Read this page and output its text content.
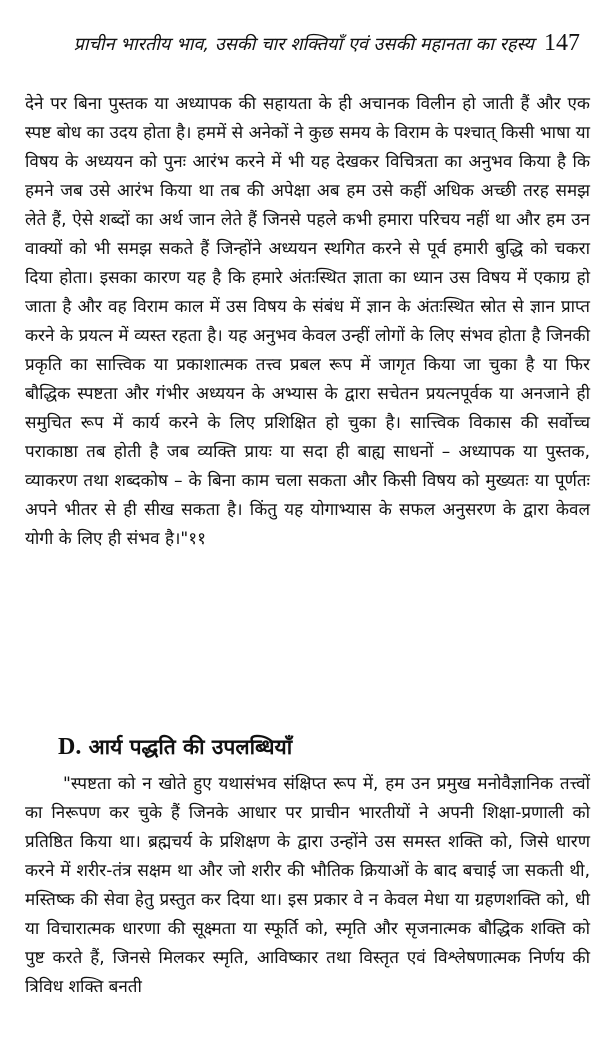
प्राचीन भारतीय भाव, उसकी चार शक्तियाँ एवं उसकी महानता का रहस्य 147

देने पर बिना पुस्तक या अध्यापक की सहायता के ही अचानक विलीन हो जाती हैं और एक स्पष्ट बोध का उदय होता है। हममें से अनेकों ने कुछ समय के विराम के पश्चात् किसी भाषा या विषय के अध्ययन को पुनः आरंभ करने में भी यह देखकर विचित्रता का अनुभव किया है कि हमने जब उसे आरंभ किया था तब की अपेक्षा अब हम उसे कहीं अधिक अच्छी तरह समझ लेते हैं, ऐसे शब्दों का अर्थ जान लेते हैं जिनसे पहले कभी हमारा परिचय नहीं था और हम उन वाक्यों को भी समझ सकते हैं जिन्होंने अध्ययन स्थगित करने से पूर्व हमारी बुद्धि को चकरा दिया होता। इसका कारण यह है कि हमारे अंतःस्थित ज्ञाता का ध्यान उस विषय में एकाग्र हो जाता है और वह विराम काल में उस विषय के संबंध में ज्ञान के अंतःस्थित स्रोत से ज्ञान प्राप्त करने के प्रयत्न में व्यस्त रहता है। यह अनुभव केवल उन्हीं लोगों के लिए संभव होता है जिनकी प्रकृति का सात्त्विक या प्रकाशात्मक तत्त्व प्रबल रूप में जागृत किया जा चुका है या फिर बौद्धिक स्पष्टता और गंभीर अध्ययन के अभ्यास के द्वारा सचेतन प्रयत्नपूर्वक या अनजाने ही समुचित रूप में कार्य करने के लिए प्रशिक्षित हो चुका है। सात्त्विक विकास की सर्वोच्च पराकाष्ठा तब होती है जब व्यक्ति प्रायः या सदा ही बाह्य साधनों – अध्यापक या पुस्तक, व्याकरण तथा शब्दकोष – के बिना काम चला सकता और किसी विषय को मुख्यतः या पूर्णतः अपने भीतर से ही सीख सकता है। किंतु यह योगाभ्यास के सफल अनुसरण के द्वारा केवल योगी के लिए ही संभव है।"११

D. आर्य पद्धति की उपलब्धियाँ

"स्पष्टता को न खोते हुए यथासंभव संक्षिप्त रूप में, हम उन प्रमुख मनोवैज्ञानिक तत्त्वों का निरूपण कर चुके हैं जिनके आधार पर प्राचीन भारतीयों ने अपनी शिक्षा-प्रणाली को प्रतिष्ठित किया था। ब्रह्मचर्य के प्रशिक्षण के द्वारा उन्होंने उस समस्त शक्ति को, जिसे धारण करने में शरीर-तंत्र सक्षम था और जो शरीर की भौतिक क्रियाओं के बाद बचाई जा सकती थी, मस्तिष्क की सेवा हेतु प्रस्तुत कर दिया था। इस प्रकार वे न केवल मेधा या ग्रहणशक्ति को, धी या विचारात्मक धारणा की सूक्ष्मता या स्फूर्ति को, स्मृति और सृजनात्मक बौद्धिक शक्ति को पुष्ट करते हैं, जिनसे मिलकर स्मृति, आविष्कार तथा विस्तृत एवं विश्लेषणात्मक निर्णय की त्रिविध शक्ति बनती
